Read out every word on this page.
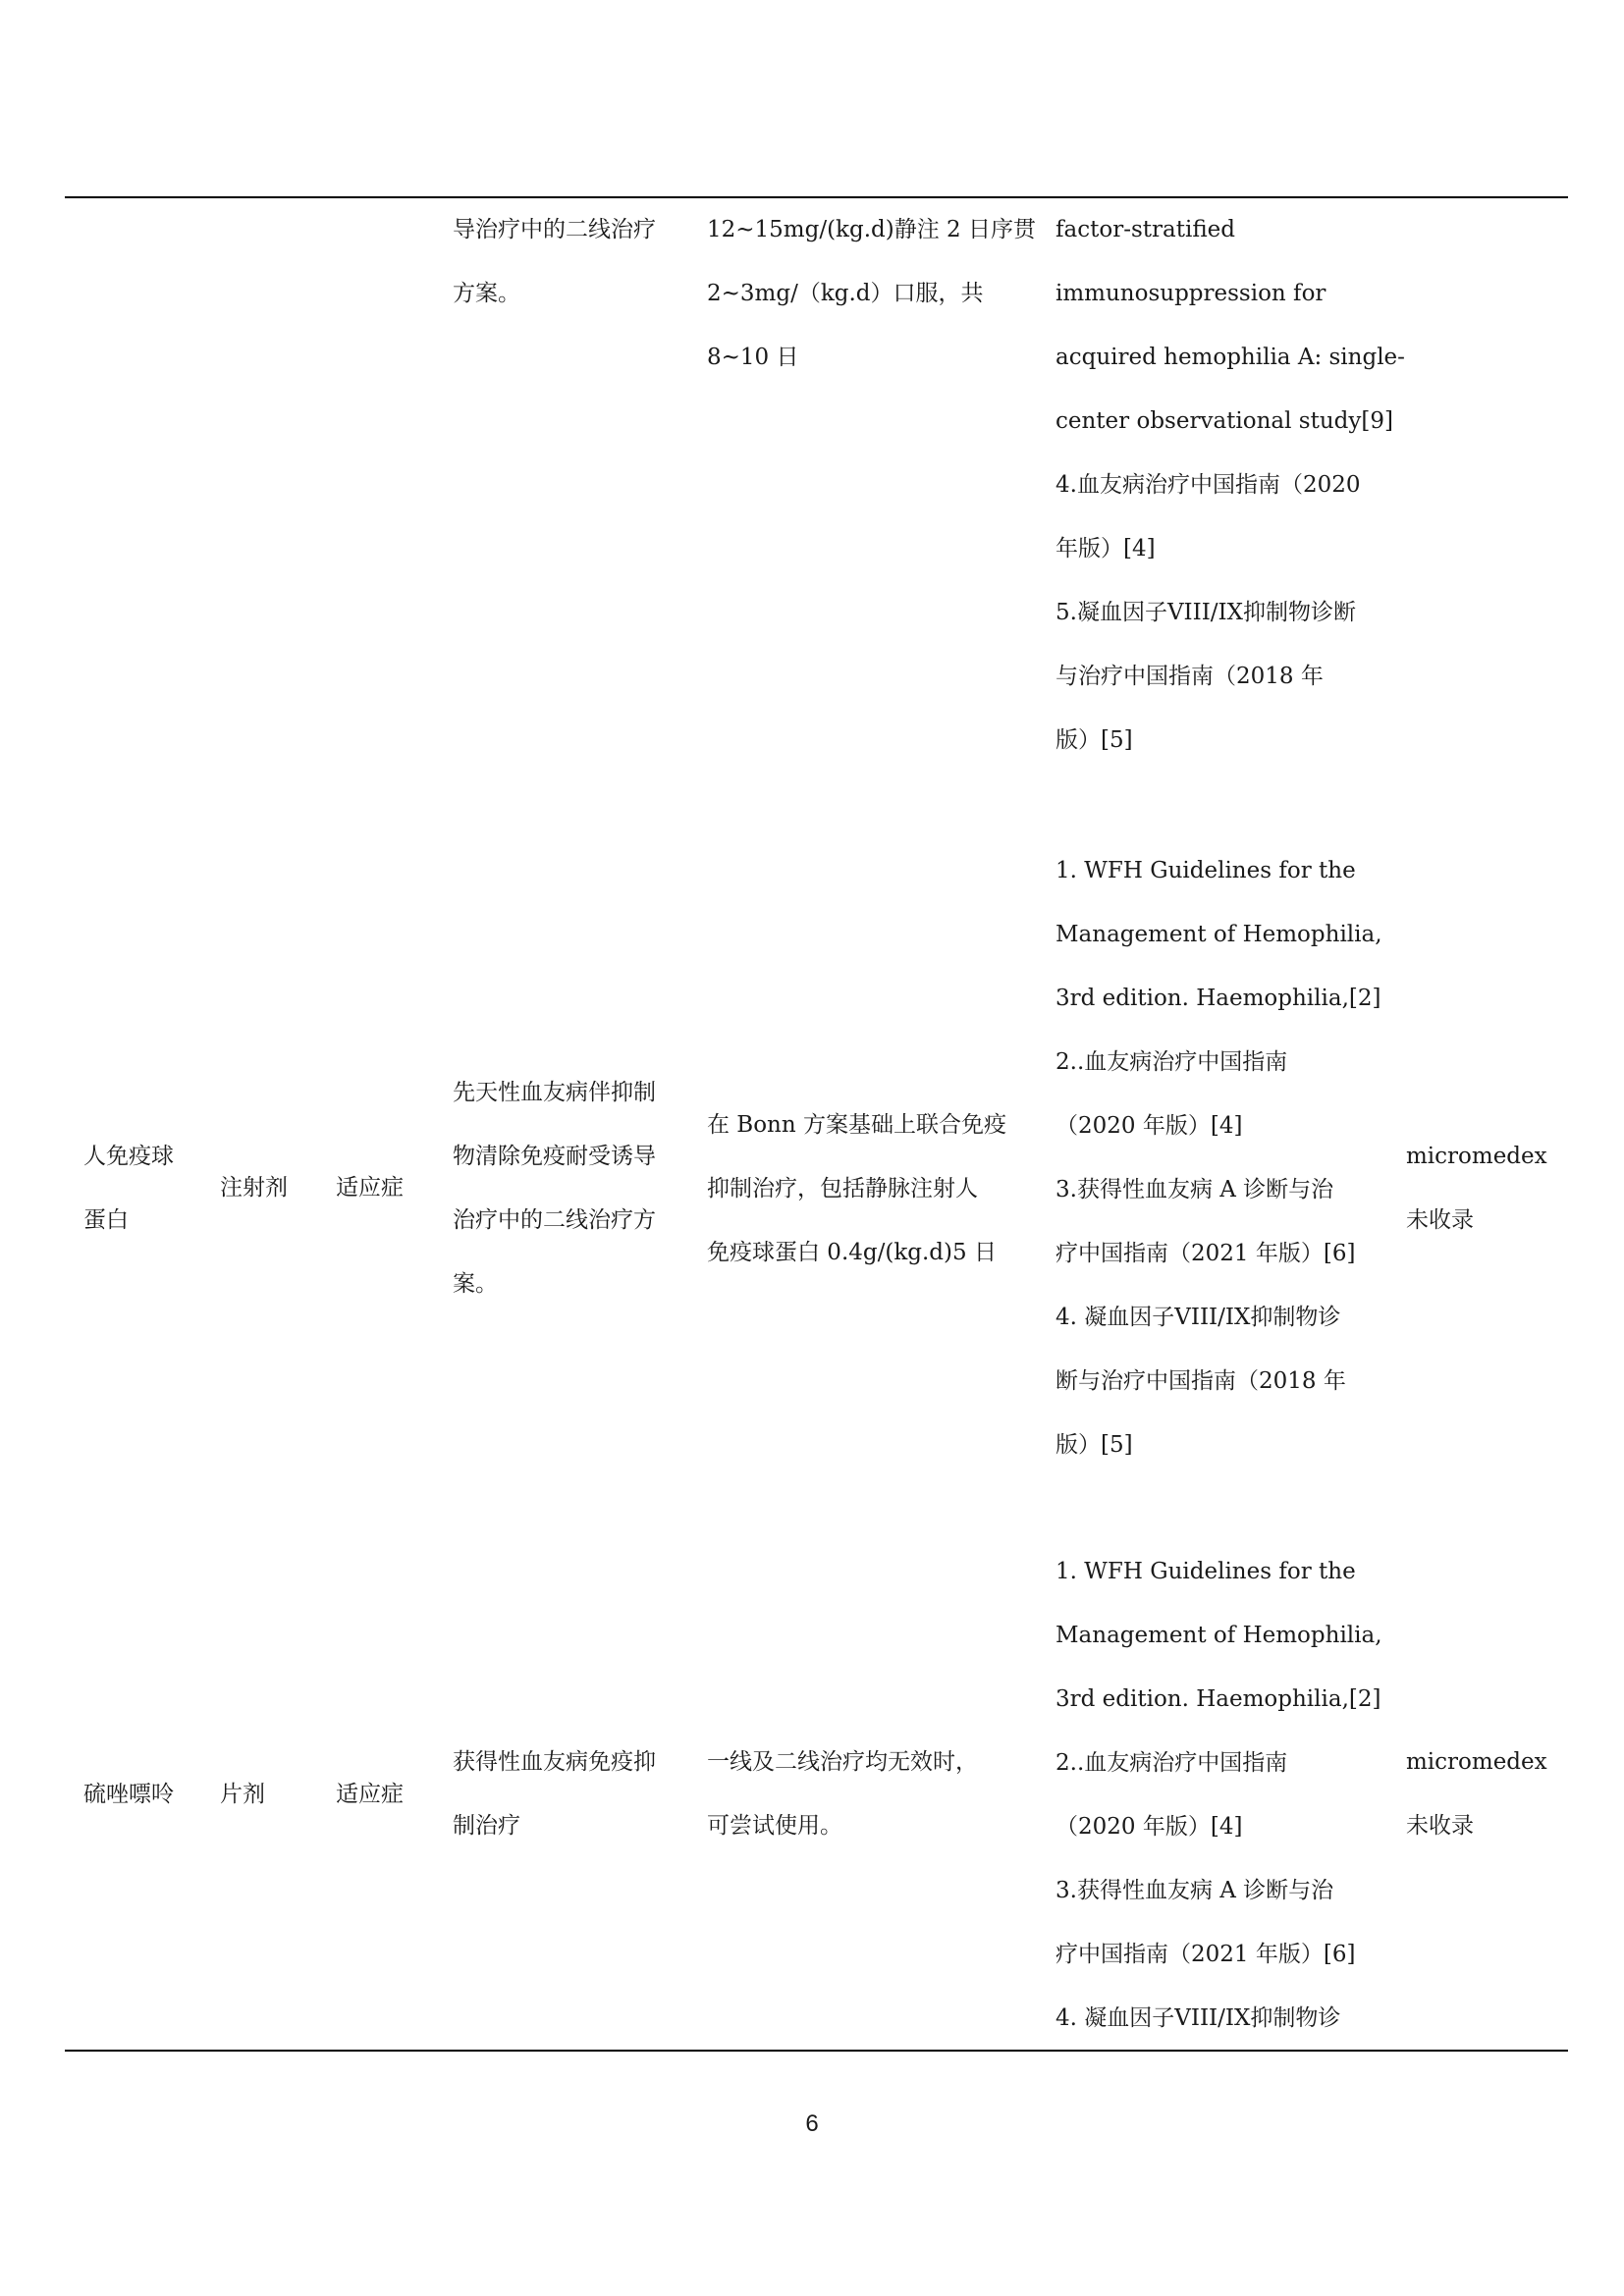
导治疗中的二线治疗
方案。
12~15mg/(kg.d)静注 2 日序贯
2~3mg/（kg.d）口服，共
8~10 日
factor-stratified
immunosuppression for
acquired hemophilia A: single-
center observational study[9]
4.血友病治疗中国指南（2020
年版）[4]
5.凝血因子VIII/IX抑制物诊断
与治疗中国指南（2018 年
版）[5]
人免疫球
蛋白
注射剂 适应症
先天性血友病伴抑制
物清除免疫耐受诱导
治疗中的二线治疗方
案。
在 Bonn 方案基础上联合免疫
抑制治疗，包括静脉注射人
免疫球蛋白 0.4g/(kg.d)5 日
1. WFH Guidelines for the
Management of Hemophilia,
3rd edition. Haemophilia,[2]
2..血友病治疗中国指南
（2020 年版）[4]
3.获得性血友病 A 诊断与治
疗中国指南（2021 年版）[6]
4. 凝血因子VIII/IX抑制物诊
断与治疗中国指南（2018 年
版）[5]
micromedex
未收录
硫唑嘌呤 片剂	适应症
获得性血友病免疫抑
制治疗
一线及二线治疗均无效时，
可尝试使用。
1. WFH Guidelines for the
Management of Hemophilia,
3rd edition. Haemophilia,[2]
2..血友病治疗中国指南
（2020 年版）[4]
3.获得性血友病 A 诊断与治
疗中国指南（2021 年版）[6]
4. 凝血因子VIII/IX抑制物诊
micromedex
未收录
6
